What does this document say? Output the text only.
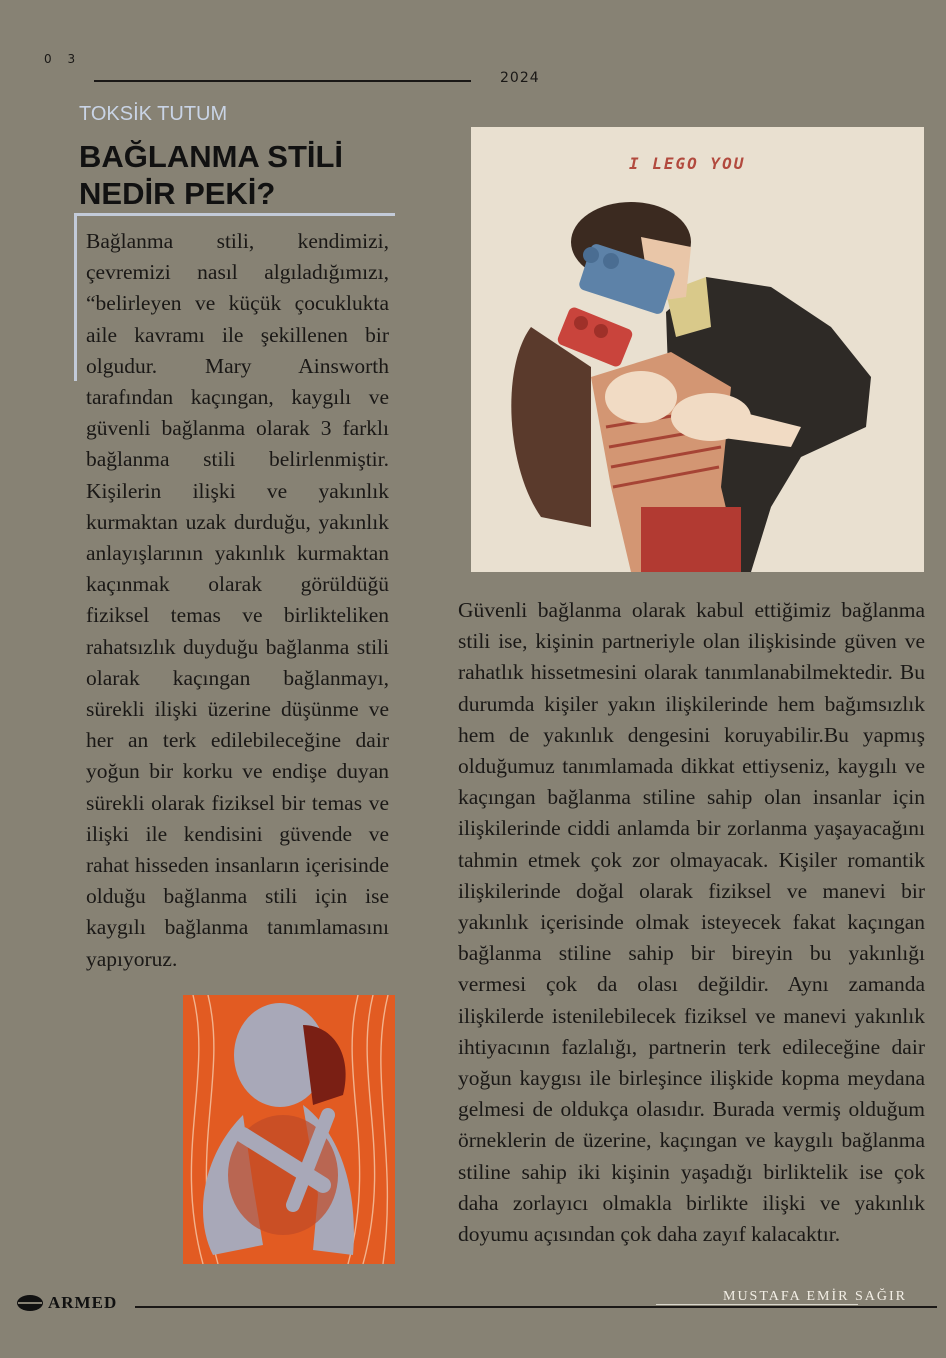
0 3
2024
TOKSİK TUTUM
BAĞLANMA STİLİ NEDİR PEKİ?
Bağlanma stili, kendimizi, çevremizi nasıl algıladığımızı, “belirleyen ve küçük çocuklukta aile kavramı ile şekillenen bir olgudur. Mary Ainsworth tarafından kaçıngan, kaygılı ve güvenli bağlanma olarak 3 farklı bağlanma stili belirlenmiştir. Kişilerin ilişki ve yakınlık kurmaktan uzak durduğu, yakınlık anlayışlarının yakınlık kurmaktan kaçınmak olarak görüldüğü fiziksel temas ve birlikteliken rahatsızlık duyduğu bağlanma stili olarak kaçıngan bağlanmayı, sürekli ilişki üzerine düşünme ve her an terk edilebileceğine dair yoğun bir korku ve endişe duyan sürekli olarak fiziksel bir temas ve ilişki ile kendisini güvende ve rahat hisseden insanların içerisinde olduğu bağlanma stili için ise kaygılı bağlanma tanımlamasını yapıyoruz.
I LEGO YOU
Güvenli bağlanma olarak kabul ettiğimiz bağlanma stili ise, kişinin partneriyle olan ilişkisinde güven ve rahatlık hissetmesini olarak tanımlanabilmektedir. Bu durumda kişiler yakın ilişkilerinde hem bağımsızlık hem de yakınlık dengesini koruyabilir.Bu yapmış olduğumuz tanımlamada dikkat ettiyseniz, kaygılı ve kaçıngan bağlanma stiline sahip olan insanlar için ilişkilerinde ciddi anlamda bir zorlanma yaşayacağını tahmin etmek çok zor olmayacak. Kişiler romantik ilişkilerinde doğal olarak fiziksel ve manevi bir yakınlık içerisinde olmak isteyecek fakat kaçıngan bağlanma stiline sahip bir bireyin bu yakınlığı vermesi çok da olası değildir. Aynı zamanda ilişkilerde istenilebilecek fiziksel ve manevi yakınlık ihtiyacının fazlalığı, partnerin terk edileceğine dair yoğun kaygısı ile birleşince ilişkide kopma meydana gelmesi de oldukça olasıdır. Burada vermiş olduğum örneklerin de üzerine, kaçıngan ve kaygılı bağlanma stiline sahip iki kişinin yaşadığı birliktelik ise çok daha zorlayıcı olmakla birlikte ilişki ve yakınlık doyumu açısından çok daha zayıf kalacaktır.
ARMED	MUSTAFA EMİR SAĞIR
